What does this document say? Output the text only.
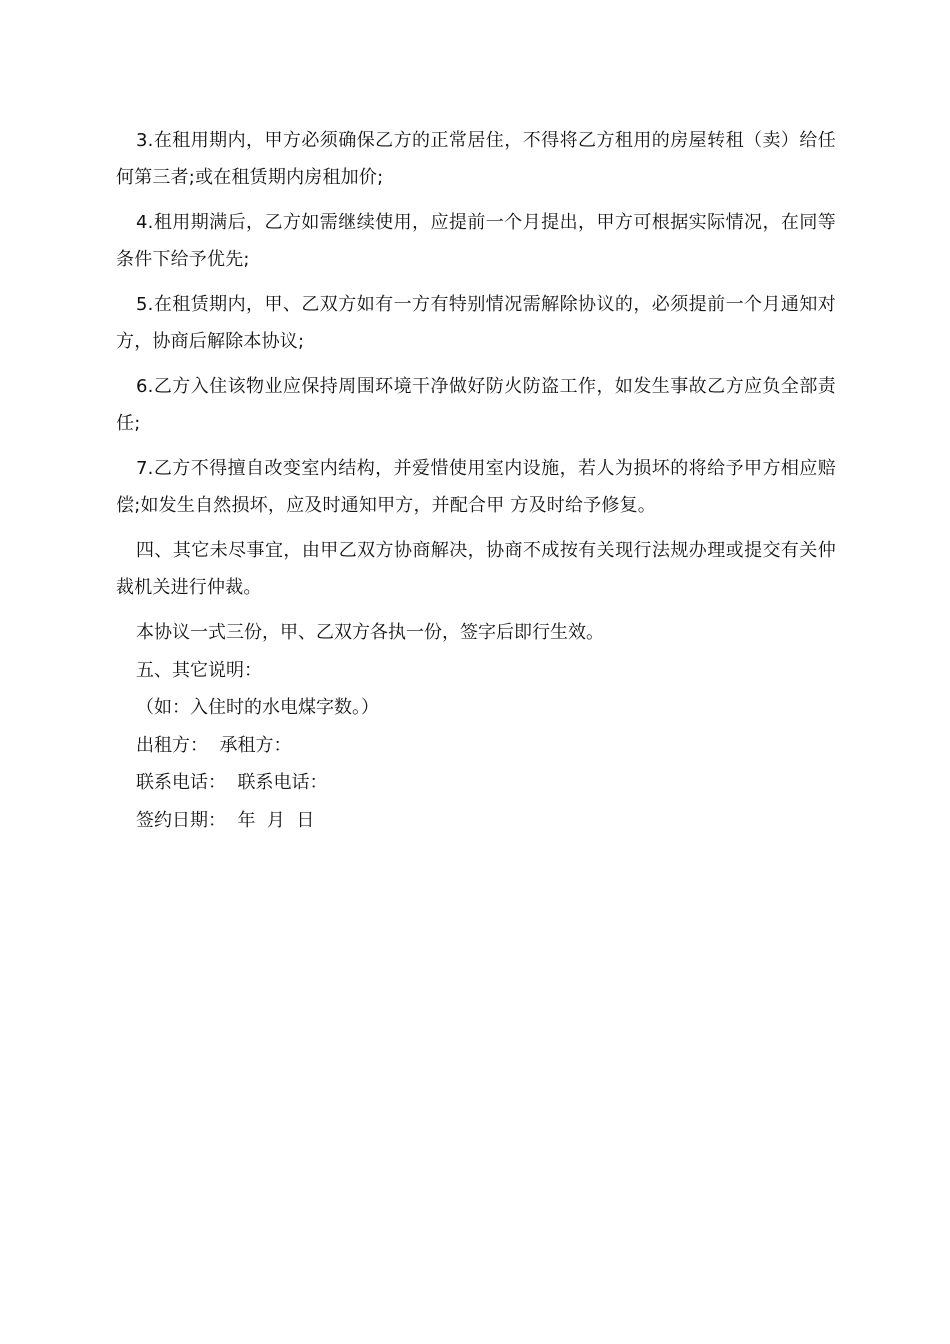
3.在租用期内，甲方必须确保乙方的正常居住，不得将乙方租用的房屋转租（卖）给任何第三者;或在租赁期内房租加价;

4.租用期满后，乙方如需继续使用，应提前一个月提出，甲方可根据实际情况，在同等条件下给予优先;

5.在租赁期内，甲、乙双方如有一方有特别情况需解除协议的，必须提前一个月通知对方，协商后解除本协议;

6.乙方入住该物业应保持周围环境干净做好防火防盗工作，如发生事故乙方应负全部责任;

7.乙方不得擅自改变室内结构，并爱惜使用室内设施，若人为损坏的将给予甲方相应赔偿;如发生自然损坏，应及时通知甲方，并配合甲 方及时给予修复。

四、其它未尽事宜，由甲乙双方协商解决，协商不成按有关现行法规办理或提交有关仲裁机关进行仲裁。

本协议一式三份，甲、乙双方各执一份，签字后即行生效。

五、其它说明：

（如：入住时的水电煤字数。）

出租方：  承租方：

联系电话：  联系电话：

签约日期：  年  月  日
